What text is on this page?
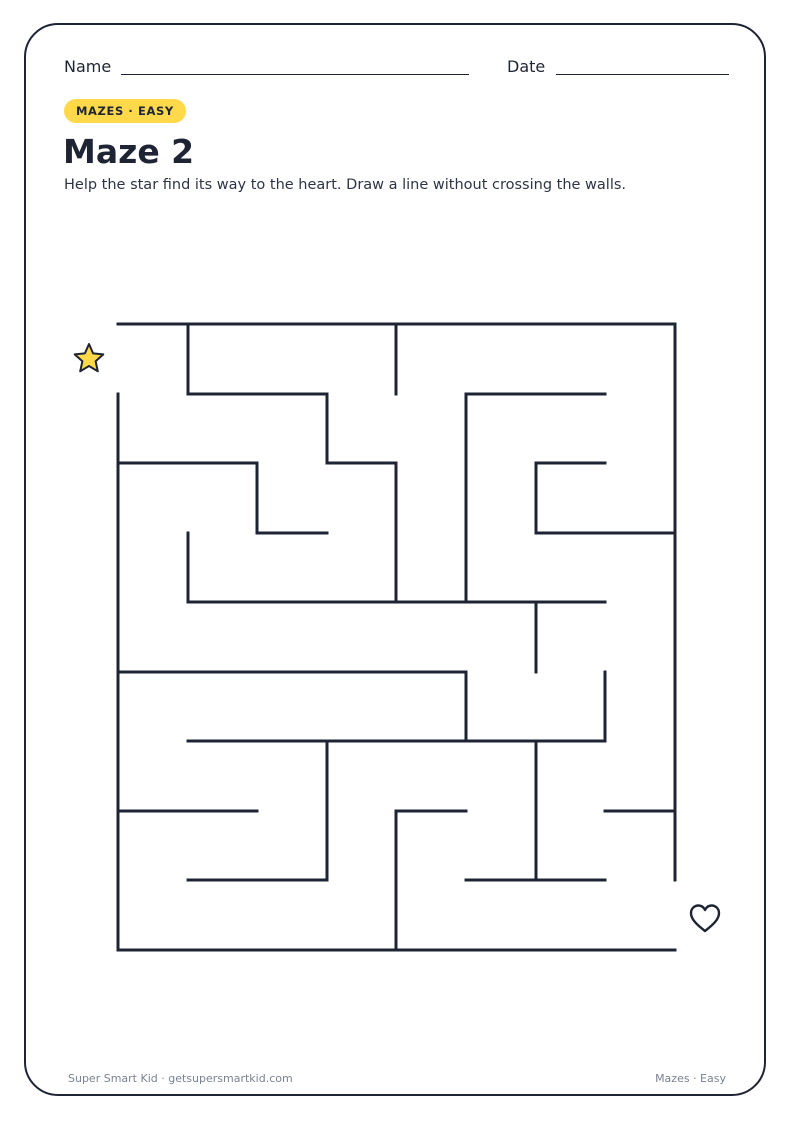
Name	Date
MAZES · EASY
Maze 2
Help the star find its way to the heart. Draw a line without crossing the walls.
Super Smart Kid · getsupersmartkid.com	Mazes · Easy
